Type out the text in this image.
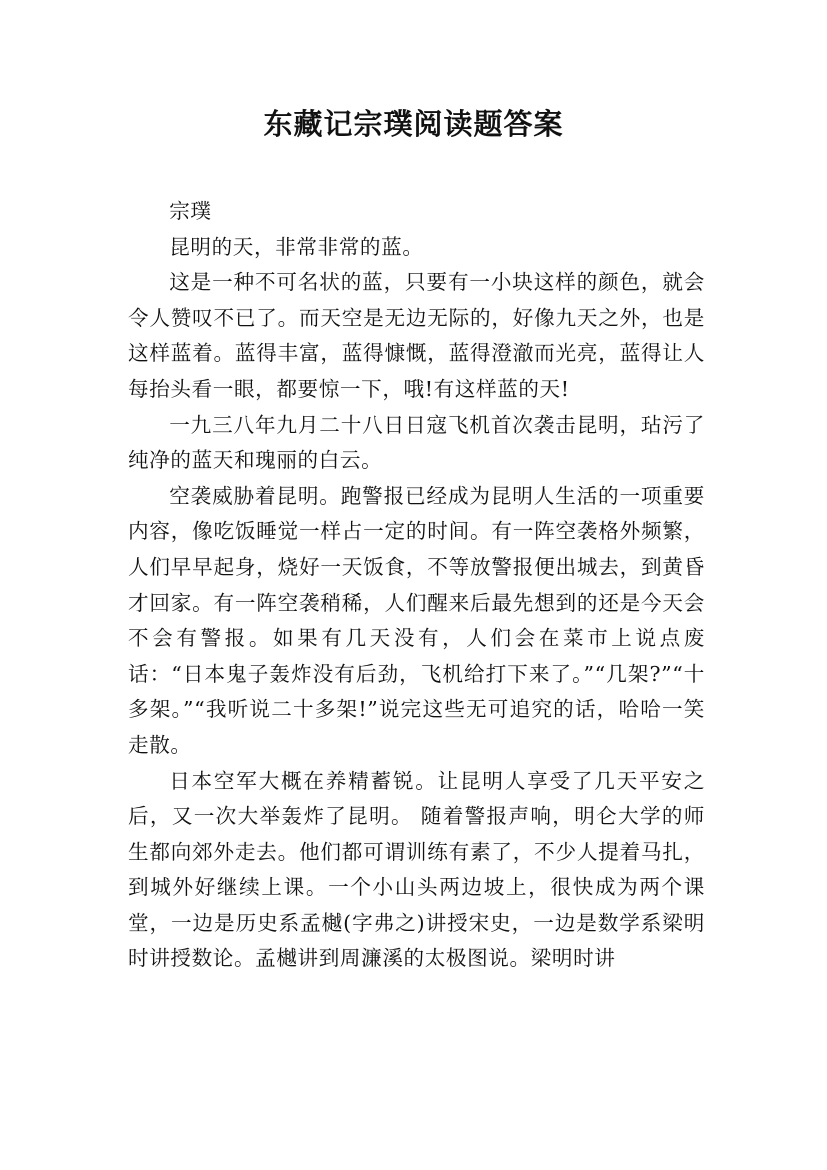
东藏记宗璞阅读题答案

宗璞

昆明的天，非常非常的蓝。

这是一种不可名状的蓝，只要有一小块这样的颜色，就会令人赞叹不已了。而天空是无边无际的，好像九天之外，也是这样蓝着。蓝得丰富，蓝得慷慨，蓝得澄澈而光亮，蓝得让人每抬头看一眼，都要惊一下，哦!有这样蓝的天!

一九三八年九月二十八日日寇飞机首次袭击昆明，玷污了纯净的蓝天和瑰丽的白云。

空袭威胁着昆明。跑警报已经成为昆明人生活的一项重要内容，像吃饭睡觉一样占一定的时间。有一阵空袭格外频繁，人们早早起身，烧好一天饭食，不等放警报便出城去，到黄昏才回家。有一阵空袭稍稀，人们醒来后最先想到的还是今天会不会有警报。如果有几天没有，人们会在菜市上说点废话：“日本鬼子轰炸没有后劲，飞机给打下来了。”“几架?”“十多架。”“我听说二十多架!”说完这些无可追究的话，哈哈一笑走散。

日本空军大概在养精蓄锐。让昆明人享受了几天平安之后，又一次大举轰炸了昆明。 随着警报声响，明仑大学的师生都向郊外走去。他们都可谓训练有素了，不少人提着马扎，到城外好继续上课。一个小山头两边坡上，很快成为两个课堂，一边是历史系孟樾(字弗之)讲授宋史，一边是数学系梁明时讲授数论。孟樾讲到周濂溪的太极图说。梁明时讲
